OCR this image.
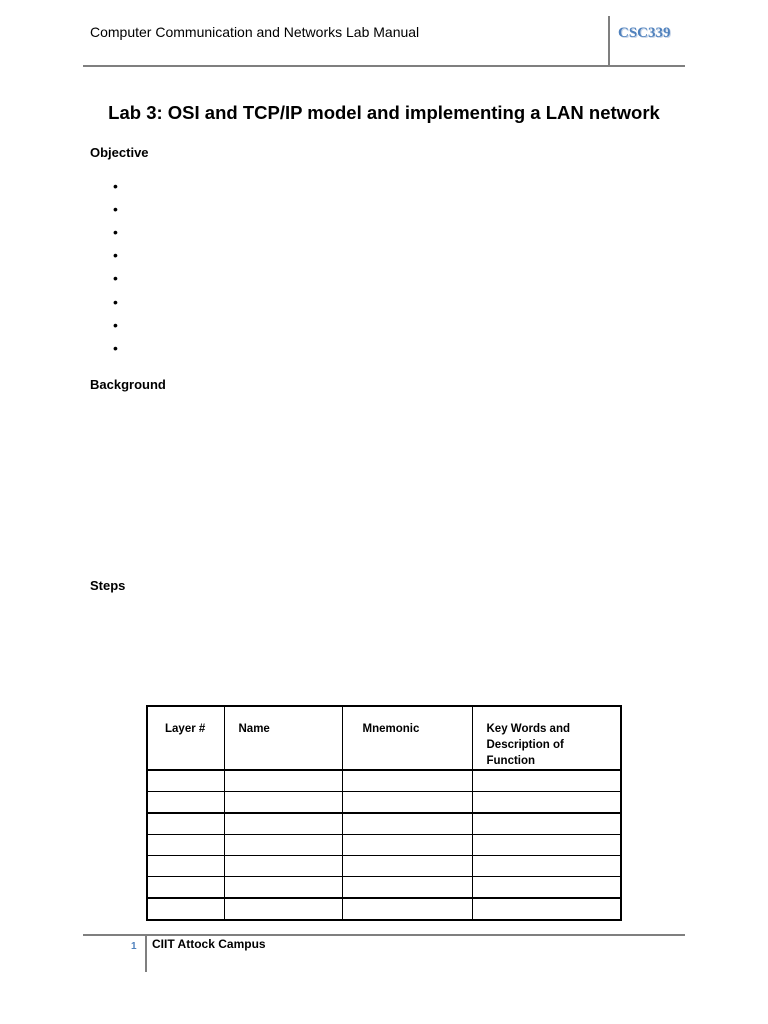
Computer Communication and Networks Lab Manual	CSC339
Lab 3: OSI and TCP/IP model and implementing a LAN network
Objective
•
•
•
•
•
•
•
•
Background
Steps
Layer #	Name	Mnemonic	Key Words and Description of Function

1 CIIT Attock Campus
